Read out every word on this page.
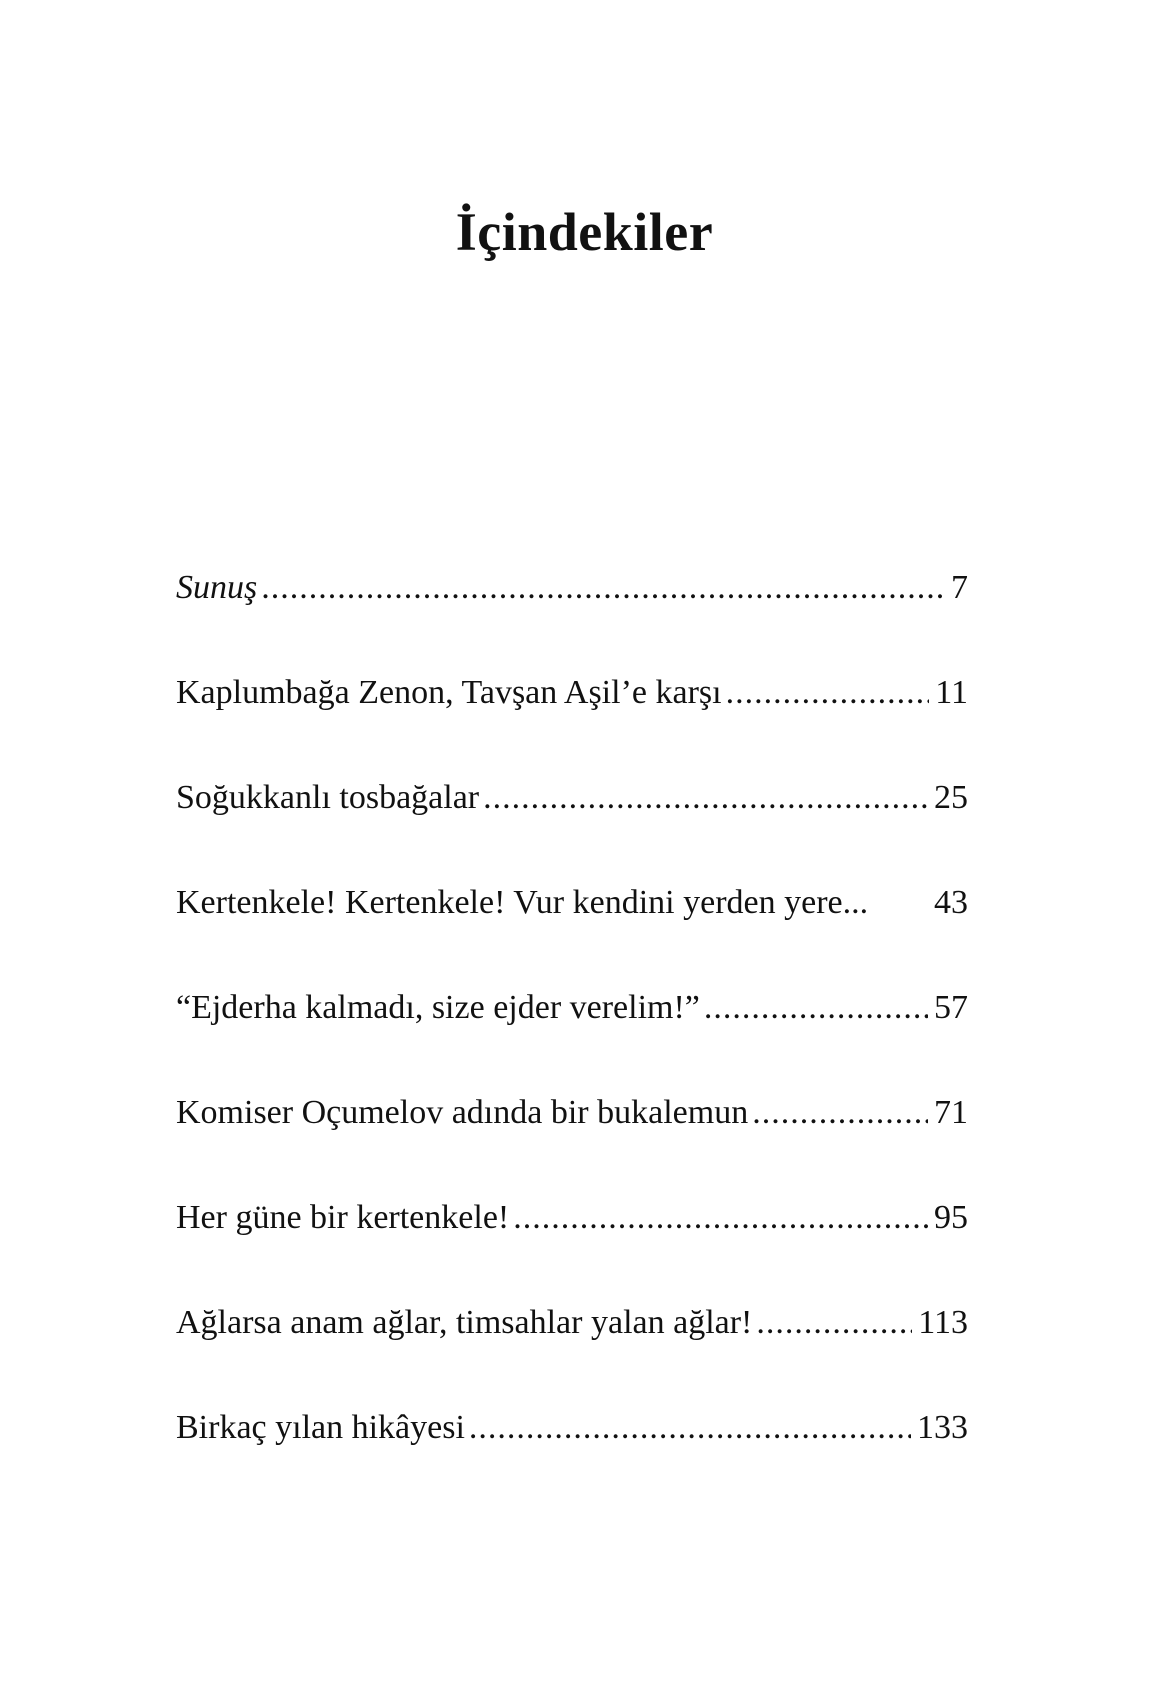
İçindekiler
Sunuş .....	7
Kaplumbağa Zenon, Tavşan Aşil’e karşı .....	11
Soğukkanlı tosbağalar .....	25
Kertenkele! Kertenkele! Vur kendini yerden yere... 43
“Ejderha kalmadı, size ejder verelim!” .....	57
Komiser Oçumelov adında bir bukalemun .....	71
Her güne bir kertenkele! .....	95
Ağlarsa anam ağlar, timsahlar yalan ağlar! .....	113
Birkaç yılan hikâyesi .....	133
